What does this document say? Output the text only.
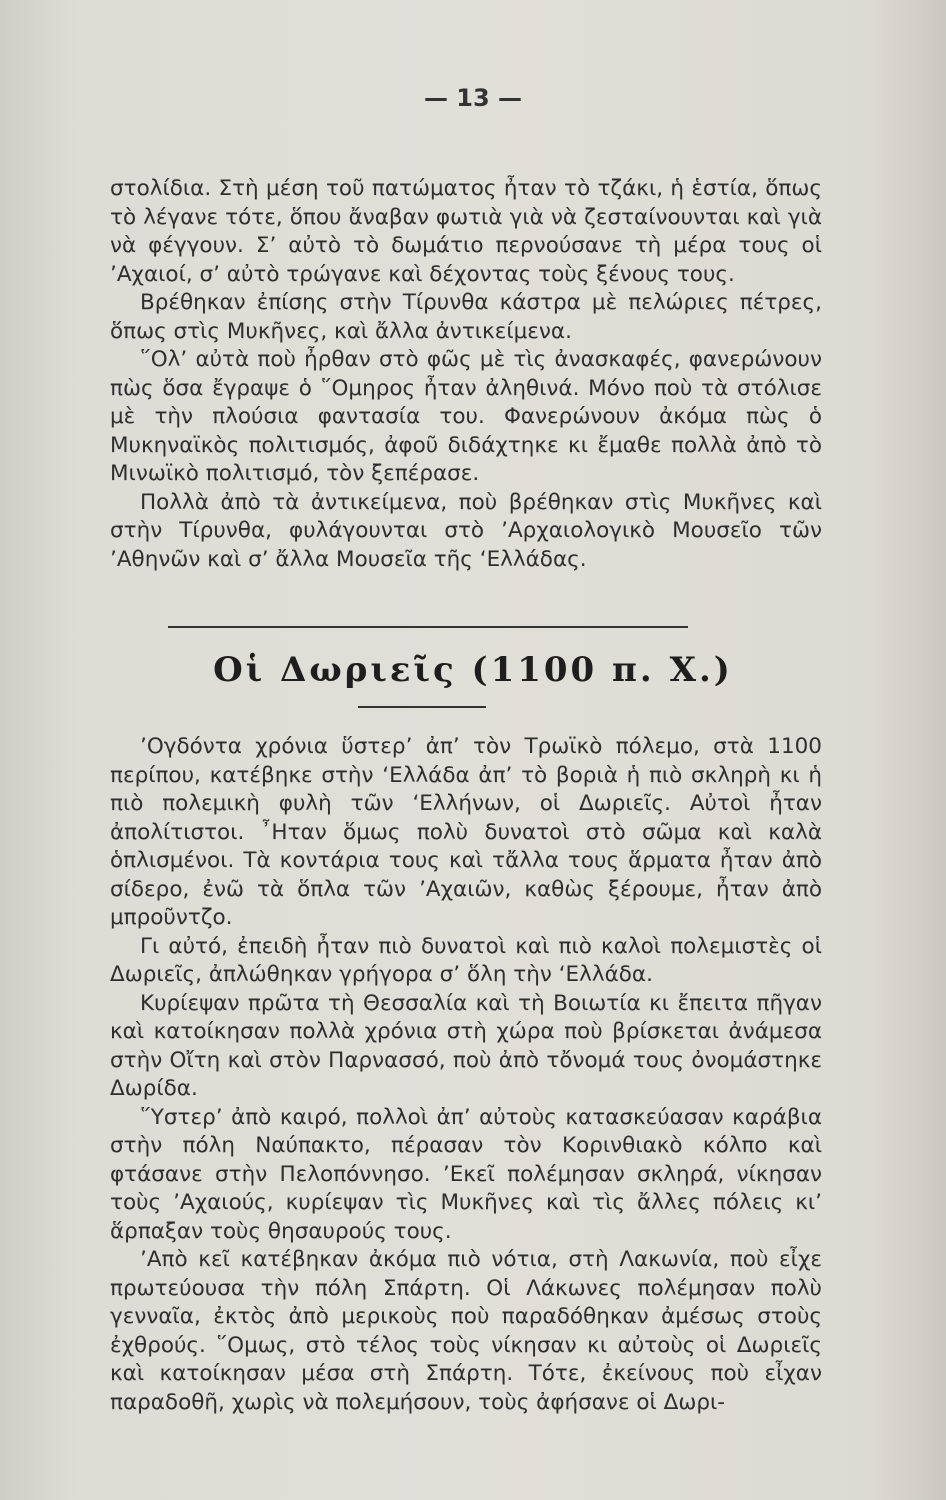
— 13 —

στολίδια. Στὴ μέση τοῦ πατώματος ἦταν τὸ τζάκι, ἡ ἑστία, ὅπως τὸ λέγανε τότε, ὅπου ἄναβαν φωτιὰ γιὰ νὰ ζεσταίνουνται καὶ γιὰ νὰ φέγγουν. Σ’ αὐτὸ τὸ δωμάτιο περνούσανε τὴ μέρα τους οἱ ’Αχαιοί, σ’ αὐτὸ τρώγανε καὶ δέχοντας τοὺς ξένους τους.

Βρέθηκαν ἐπίσης στὴν Τίρυνθα κάστρα μὲ πελώριες πέτρες, ὅπως στὶς Μυκῆνες, καὶ ἄλλα ἀντικείμενα.

῞Ολ’ αὐτὰ ποὺ ἦρθαν στὸ φῶς μὲ τὶς ἀνασκαφές, φανερώνουν πὼς ὅσα ἔγραψε ὁ ῞Ομηρος ἦταν ἀληθινά. Μόνο ποὺ τὰ στόλισε μὲ τὴν πλούσια φαντασία του. Φανερώνουν ἀκόμα πὼς ὁ Μυκηναϊκὸς πολιτισμός, ἀφοῦ διδάχτηκε κι ἔμαθε πολλὰ ἀπὸ τὸ Μινωϊκὸ πολιτισμό, τὸν ξεπέρασε.

Πολλὰ ἀπὸ τὰ ἀντικείμενα, ποὺ βρέθηκαν στὶς Μυκῆνες καὶ στὴν Τίρυνθα, φυλάγουνται στὸ ’Αρχαιολογικὸ Μουσεῖο τῶν ’Αθηνῶν καὶ σ’ ἄλλα Μουσεῖα τῆς ‘Ελλάδας.

Οἱ Δωριεῖς (1100 π. Χ.)

’Ογδόντα χρόνια ὕστερ’ ἀπ’ τὸν Τρωϊκὸ πόλεμο, στὰ 1100 περίπου, κατέβηκε στὴν ‘Ελλάδα ἀπ’ τὸ βοριὰ ἡ πιὸ σκληρὴ κι ἡ πιὸ πολεμικὴ φυλὴ τῶν ‘Ελλήνων, οἱ Δωριεῖς. Αὐτοὶ ἦταν ἀπολίτιστοι. ῏Ηταν ὅμως πολὺ δυνατοὶ στὸ σῶμα καὶ καλὰ ὁπλισμένοι. Τὰ κοντάρια τους καὶ τἄλλα τους ἅρματα ἦταν ἀπὸ σίδερο, ἐνῶ τὰ ὅπλα τῶν ’Αχαιῶν, καθὼς ξέρουμε, ἦταν ἀπὸ μπροῦντζο.

Γι αὐτό, ἐπειδὴ ἦταν πιὸ δυνατοὶ καὶ πιὸ καλοὶ πολεμιστὲς οἱ Δωριεῖς, ἀπλώθηκαν γρήγορα σ’ ὅλη τὴν ‘Ελλάδα.

Κυρίεψαν πρῶτα τὴ Θεσσαλία καὶ τὴ Βοιωτία κι ἔπειτα πῆγαν καὶ κατοίκησαν πολλὰ χρόνια στὴ χώρα ποὺ βρίσκεται ἀνάμεσα στὴν Οἴτη καὶ στὸν Παρνασσό, ποὺ ἀπὸ τὄνομά τους ὀνομάστηκε Δωρίδα.

῞Υστερ’ ἀπὸ καιρό, πολλοὶ ἀπ’ αὐτοὺς κατασκεύασαν καράβια στὴν πόλη Ναύπακτο, πέρασαν τὸν Κορινθιακὸ κόλπο καὶ φτάσανε στὴν Πελοπόννησο. ’Εκεῖ πολέμησαν σκληρά, νίκησαν τοὺς ’Αχαιούς, κυρίεψαν τὶς Μυκῆνες καὶ τὶς ἄλλες πόλεις κι’ ἅρπαξαν τοὺς θησαυρούς τους.

’Απὸ κεῖ κατέβηκαν ἀκόμα πιὸ νότια, στὴ Λακωνία, ποὺ εἶχε πρωτεύουσα τὴν πόλη Σπάρτη. Οἱ Λάκωνες πολέμησαν πολὺ γενναῖα, ἐκτὸς ἀπὸ μερικοὺς ποὺ παραδόθηκαν ἀμέσως στοὺς ἐχθρούς. ῞Ομως, στὸ τέλος τοὺς νίκησαν κι αὐτοὺς οἱ Δωριεῖς καὶ κατοίκησαν μέσα στὴ Σπάρτη. Τότε, ἐκείνους ποὺ εἶχαν παραδοθῆ, χωρὶς νὰ πολεμήσουν, τοὺς ἀφήσανε οἱ Δωρι-
